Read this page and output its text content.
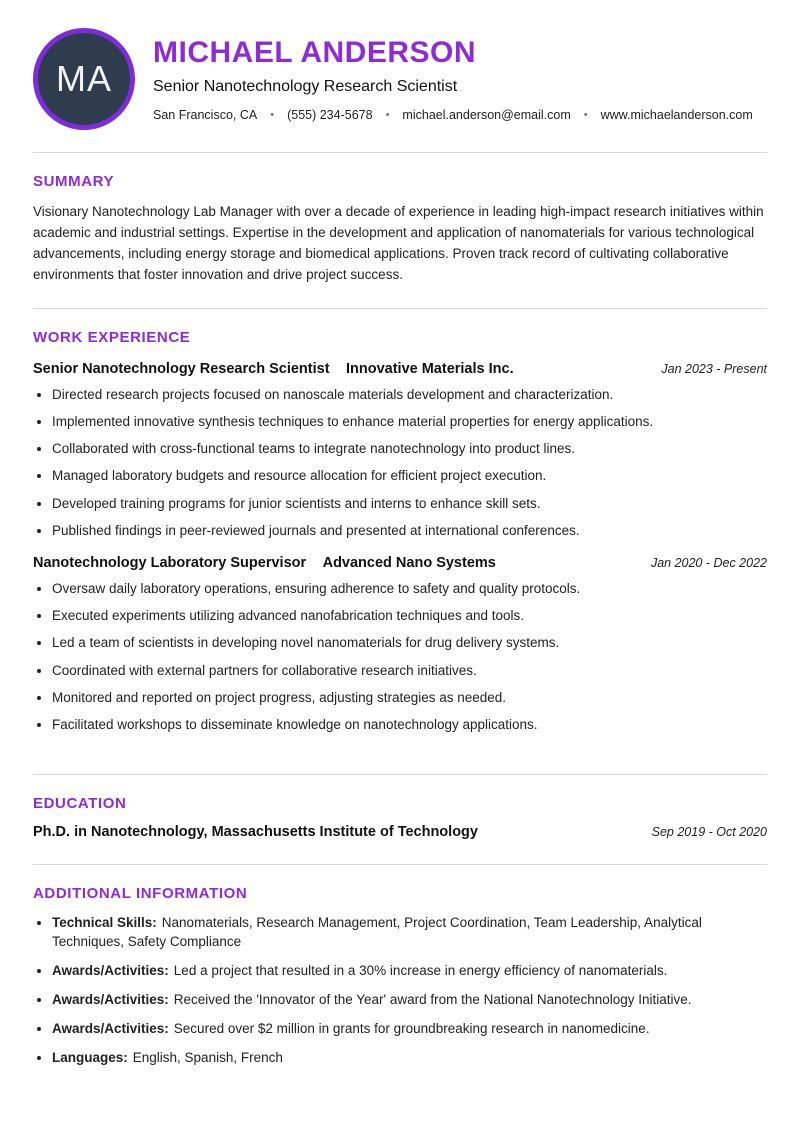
MA
MICHAEL ANDERSON
Senior Nanotechnology Research Scientist
San Francisco, CA • (555) 234-5678 • michael.anderson@email.com • www.michaelanderson.com
SUMMARY
Visionary Nanotechnology Lab Manager with over a decade of experience in leading high-impact research initiatives within academic and industrial settings. Expertise in the development and application of nanomaterials for various technological advancements, including energy storage and biomedical applications. Proven track record of cultivating collaborative environments that foster innovation and drive project success.
WORK EXPERIENCE
Senior Nanotechnology Research Scientist Innovative Materials Inc.	Jan 2023 - Present
• Directed research projects focused on nanoscale materials development and characterization.
• Implemented innovative synthesis techniques to enhance material properties for energy applications.
• Collaborated with cross-functional teams to integrate nanotechnology into product lines.
• Managed laboratory budgets and resource allocation for efficient project execution.
• Developed training programs for junior scientists and interns to enhance skill sets.
• Published findings in peer-reviewed journals and presented at international conferences.
Nanotechnology Laboratory Supervisor Advanced Nano Systems	Jan 2020 - Dec 2022
• Oversaw daily laboratory operations, ensuring adherence to safety and quality protocols.
• Executed experiments utilizing advanced nanofabrication techniques and tools.
• Led a team of scientists in developing novel nanomaterials for drug delivery systems.
• Coordinated with external partners for collaborative research initiatives.
• Monitored and reported on project progress, adjusting strategies as needed.
• Facilitated workshops to disseminate knowledge on nanotechnology applications.
EDUCATION
Ph.D. in Nanotechnology, Massachusetts Institute of Technology	Sep 2019 - Oct 2020
ADDITIONAL INFORMATION
• Technical Skills: Nanomaterials, Research Management, Project Coordination, Team Leadership, Analytical Techniques, Safety Compliance
• Awards/Activities: Led a project that resulted in a 30% increase in energy efficiency of nanomaterials.
• Awards/Activities: Received the 'Innovator of the Year' award from the National Nanotechnology Initiative.
• Awards/Activities: Secured over $2 million in grants for groundbreaking research in nanomedicine.
• Languages: English, Spanish, French
